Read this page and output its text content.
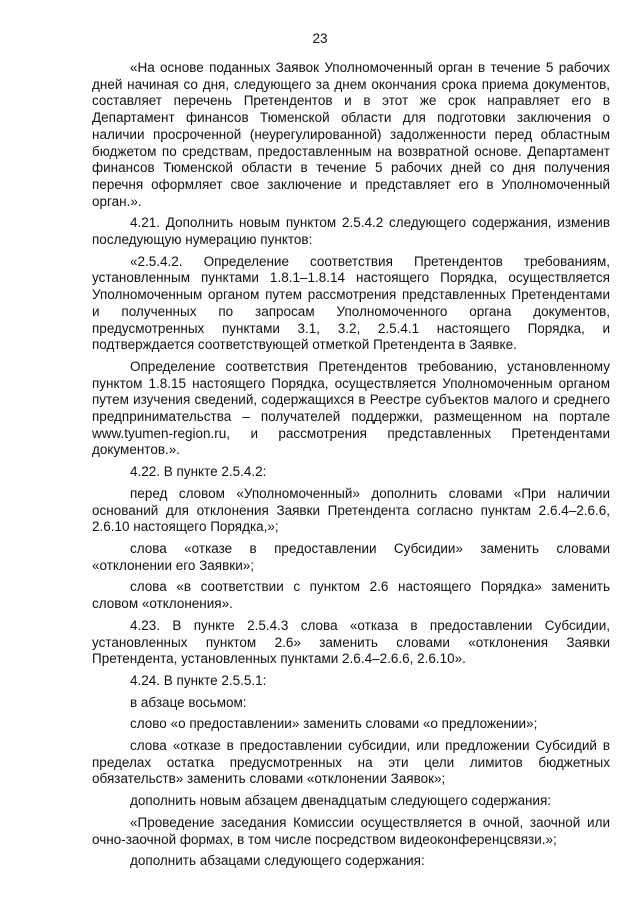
23

«На основе поданных Заявок Уполномоченный орган в течение 5 рабочих дней начиная со дня, следующего за днем окончания срока приема документов, составляет перечень Претендентов и в этот же срок направляет его в Департамент финансов Тюменской области для подготовки заключения о наличии просроченной (неурегулированной) задолженности перед областным бюджетом по средствам, предоставленным на возвратной основе. Департамент финансов Тюменской области в течение 5 рабочих дней со дня получения перечня оформляет свое заключение и представляет его в Уполномоченный орган.».

4.21. Дополнить новым пунктом 2.5.4.2 следующего содержания, изменив последующую нумерацию пунктов:

«2.5.4.2. Определение соответствия Претендентов требованиям, установленным пунктами 1.8.1–1.8.14 настоящего Порядка, осуществляется Уполномоченным органом путем рассмотрения представленных Претендентами и полученных по запросам Уполномоченного органа документов, предусмотренных пунктами 3.1, 3.2, 2.5.4.1 настоящего Порядка, и подтверждается соответствующей отметкой Претендента в Заявке.

Определение соответствия Претендентов требованию, установленному пунктом 1.8.15 настоящего Порядка, осуществляется Уполномоченным органом путем изучения сведений, содержащихся в Реестре субъектов малого и среднего предпринимательства – получателей поддержки, размещенном на портале www.tyumen-region.ru, и рассмотрения представленных Претендентами документов.».

4.22. В пункте 2.5.4.2:

перед словом «Уполномоченный» дополнить словами «При наличии оснований для отклонения Заявки Претендента согласно пунктам 2.6.4–2.6.6, 2.6.10 настоящего Порядка,»;

слова «отказе в предоставлении Субсидии» заменить словами «отклонении его Заявки»;

слова «в соответствии с пунктом 2.6 настоящего Порядка» заменить словом «отклонения».

4.23. В пункте 2.5.4.3 слова «отказа в предоставлении Субсидии, установленных пунктом 2.6» заменить словами «отклонения Заявки Претендента, установленных пунктами 2.6.4–2.6.6, 2.6.10».

4.24. В пункте 2.5.5.1:

в абзаце восьмом:

слово «о предоставлении» заменить словами «о предложении»;

слова «отказе в предоставлении субсидии, или предложении Субсидий в пределах остатка предусмотренных на эти цели лимитов бюджетных обязательств» заменить словами «отклонении Заявок»;

дополнить новым абзацем двенадцатым следующего содержания:

«Проведение заседания Комиссии осуществляется в очной, заочной или очно-заочной формах, в том числе посредством видеоконференцсвязи.»;

дополнить абзацами следующего содержания:
